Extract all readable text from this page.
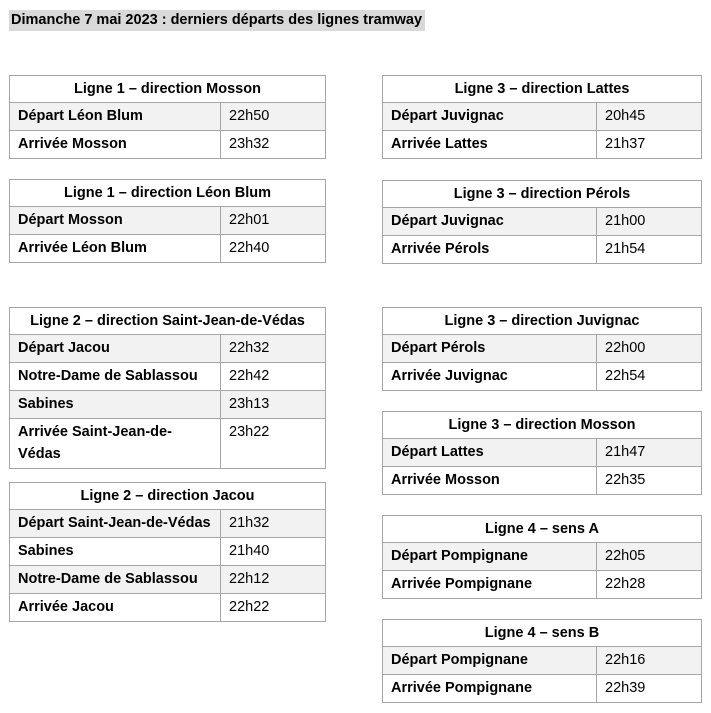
Dimanche 7 mai 2023 : derniers départs des lignes tramway
Ligne 1 – direction Mosson	
Départ Léon Blum	22h50
Arrivée Mosson	23h32
Ligne 1 – direction Léon Blum	
Départ Mosson	22h01
Arrivée Léon Blum	22h40
Ligne 2 – direction Saint-Jean-de-Védas	
Départ Jacou	22h32
Notre-Dame de Sablassou	22h42
Sabines	23h13
Arrivée Saint-Jean-de-Védas	23h22
Ligne 2 – direction Jacou	
Départ Saint-Jean-de-Védas	21h32
Sabines	21h40
Notre-Dame de Sablassou	22h12
Arrivée Jacou	22h22
Ligne 3 – direction Lattes	
Départ Juvignac	20h45
Arrivée Lattes	21h37
Ligne 3 – direction Pérols	
Départ Juvignac	21h00
Arrivée Pérols	21h54
Ligne 3 – direction Juvignac	
Départ Pérols	22h00
Arrivée Juvignac	22h54
Ligne 3 – direction Mosson	
Départ Lattes	21h47
Arrivée Mosson	22h35
Ligne 4 – sens A	
Départ Pompignane	22h05
Arrivée Pompignane	22h28
Ligne 4 – sens B	
Départ Pompignane	22h16
Arrivée Pompignane	22h39
